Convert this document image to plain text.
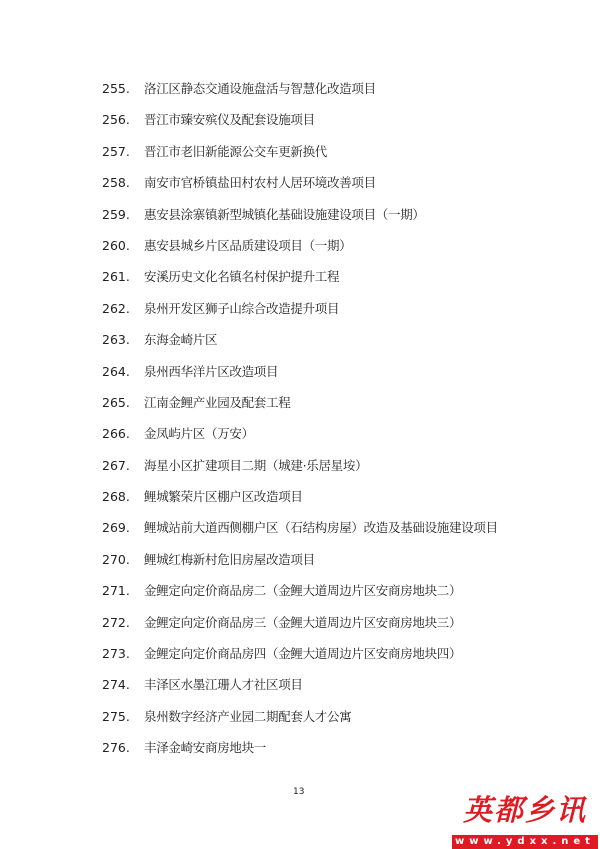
255. 洛江区静态交通设施盘活与智慧化改造项目
256. 晋江市臻安殡仪及配套设施项目
257. 晋江市老旧新能源公交车更新换代
258. 南安市官桥镇盐田村农村人居环境改善项目
259. 惠安县涂寨镇新型城镇化基础设施建设项目（一期）
260. 惠安县城乡片区品质建设项目（一期）
261. 安溪历史文化名镇名村保护提升工程
262. 泉州开发区狮子山综合改造提升项目
263. 东海金崎片区
264. 泉州西华洋片区改造项目
265. 江南金鲤产业园及配套工程
266. 金凤屿片区（万安）
267. 海星小区扩建项目二期（城建·乐居星垵）
268. 鲤城繁荣片区棚户区改造项目
269. 鲤城站前大道西侧棚户区（石结构房屋）改造及基础设施建设项目
270. 鲤城红梅新村危旧房屋改造项目
271. 金鲤定向定价商品房二（金鲤大道周边片区安商房地块二）
272. 金鲤定向定价商品房三（金鲤大道周边片区安商房地块三）
273. 金鲤定向定价商品房四（金鲤大道周边片区安商房地块四）
274. 丰泽区水墨江珊人才社区项目
275. 泉州数字经济产业园二期配套人才公寓
276. 丰泽金崎安商房地块一
13
英都乡讯
www.ydxx.net
